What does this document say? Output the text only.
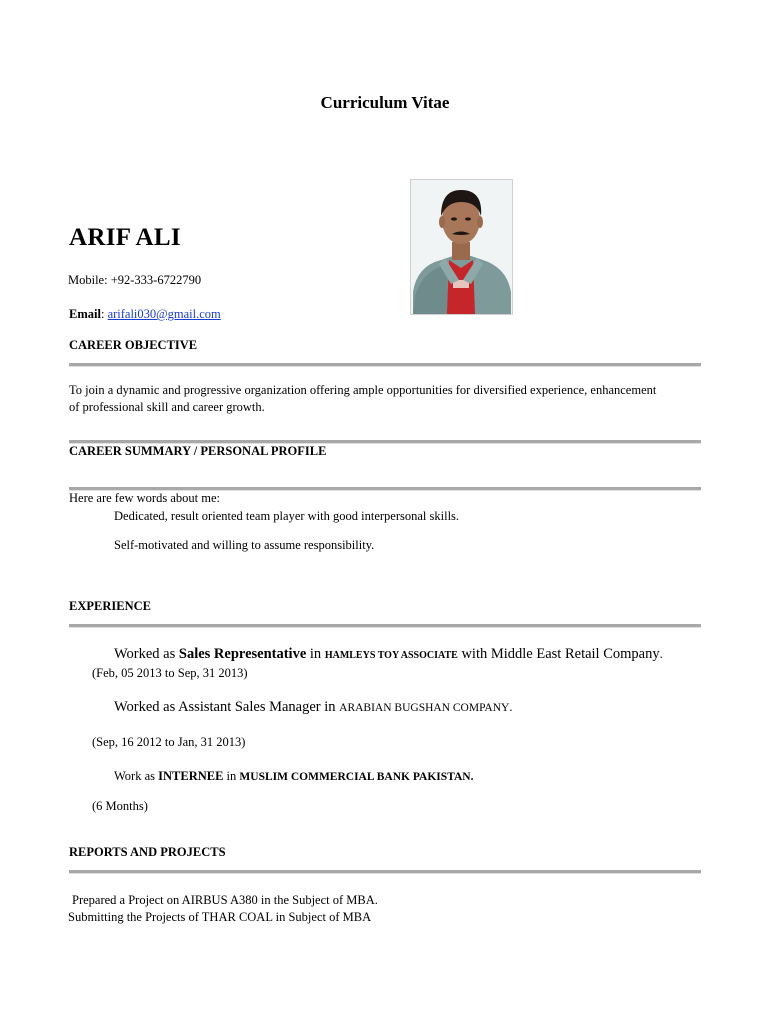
Curriculum Vitae
ARIF ALI
Mobile: +92-333-6722790
Email: arifali030@gmail.com
CAREER OBJECTIVE
To join a dynamic and progressive organization offering ample opportunities for diversified experience, enhancement
of professional skill and career growth.
CAREER SUMMARY / PERSONAL PROFILE
Here are few words about me:
Dedicated, result oriented team player with good interpersonal skills.
Self-motivated and willing to assume responsibility.
EXPERIENCE
Worked as Sales Representative in HAMLEYS TOY ASSOCIATE with Middle East Retail Company.
(Feb, 05 2013 to Sep, 31 2013)
Worked as Assistant Sales Manager in ARABIAN BUGSHAN COMPANY.
(Sep, 16 2012 to Jan, 31 2013)
Work as INTERNEE in MUSLIM COMMERCIAL BANK PAKISTAN.
(6 Months)
REPORTS AND PROJECTS
Prepared a Project on AIRBUS A380 in the Subject of MBA.
Submitting the Projects of THAR COAL in Subject of MBA
